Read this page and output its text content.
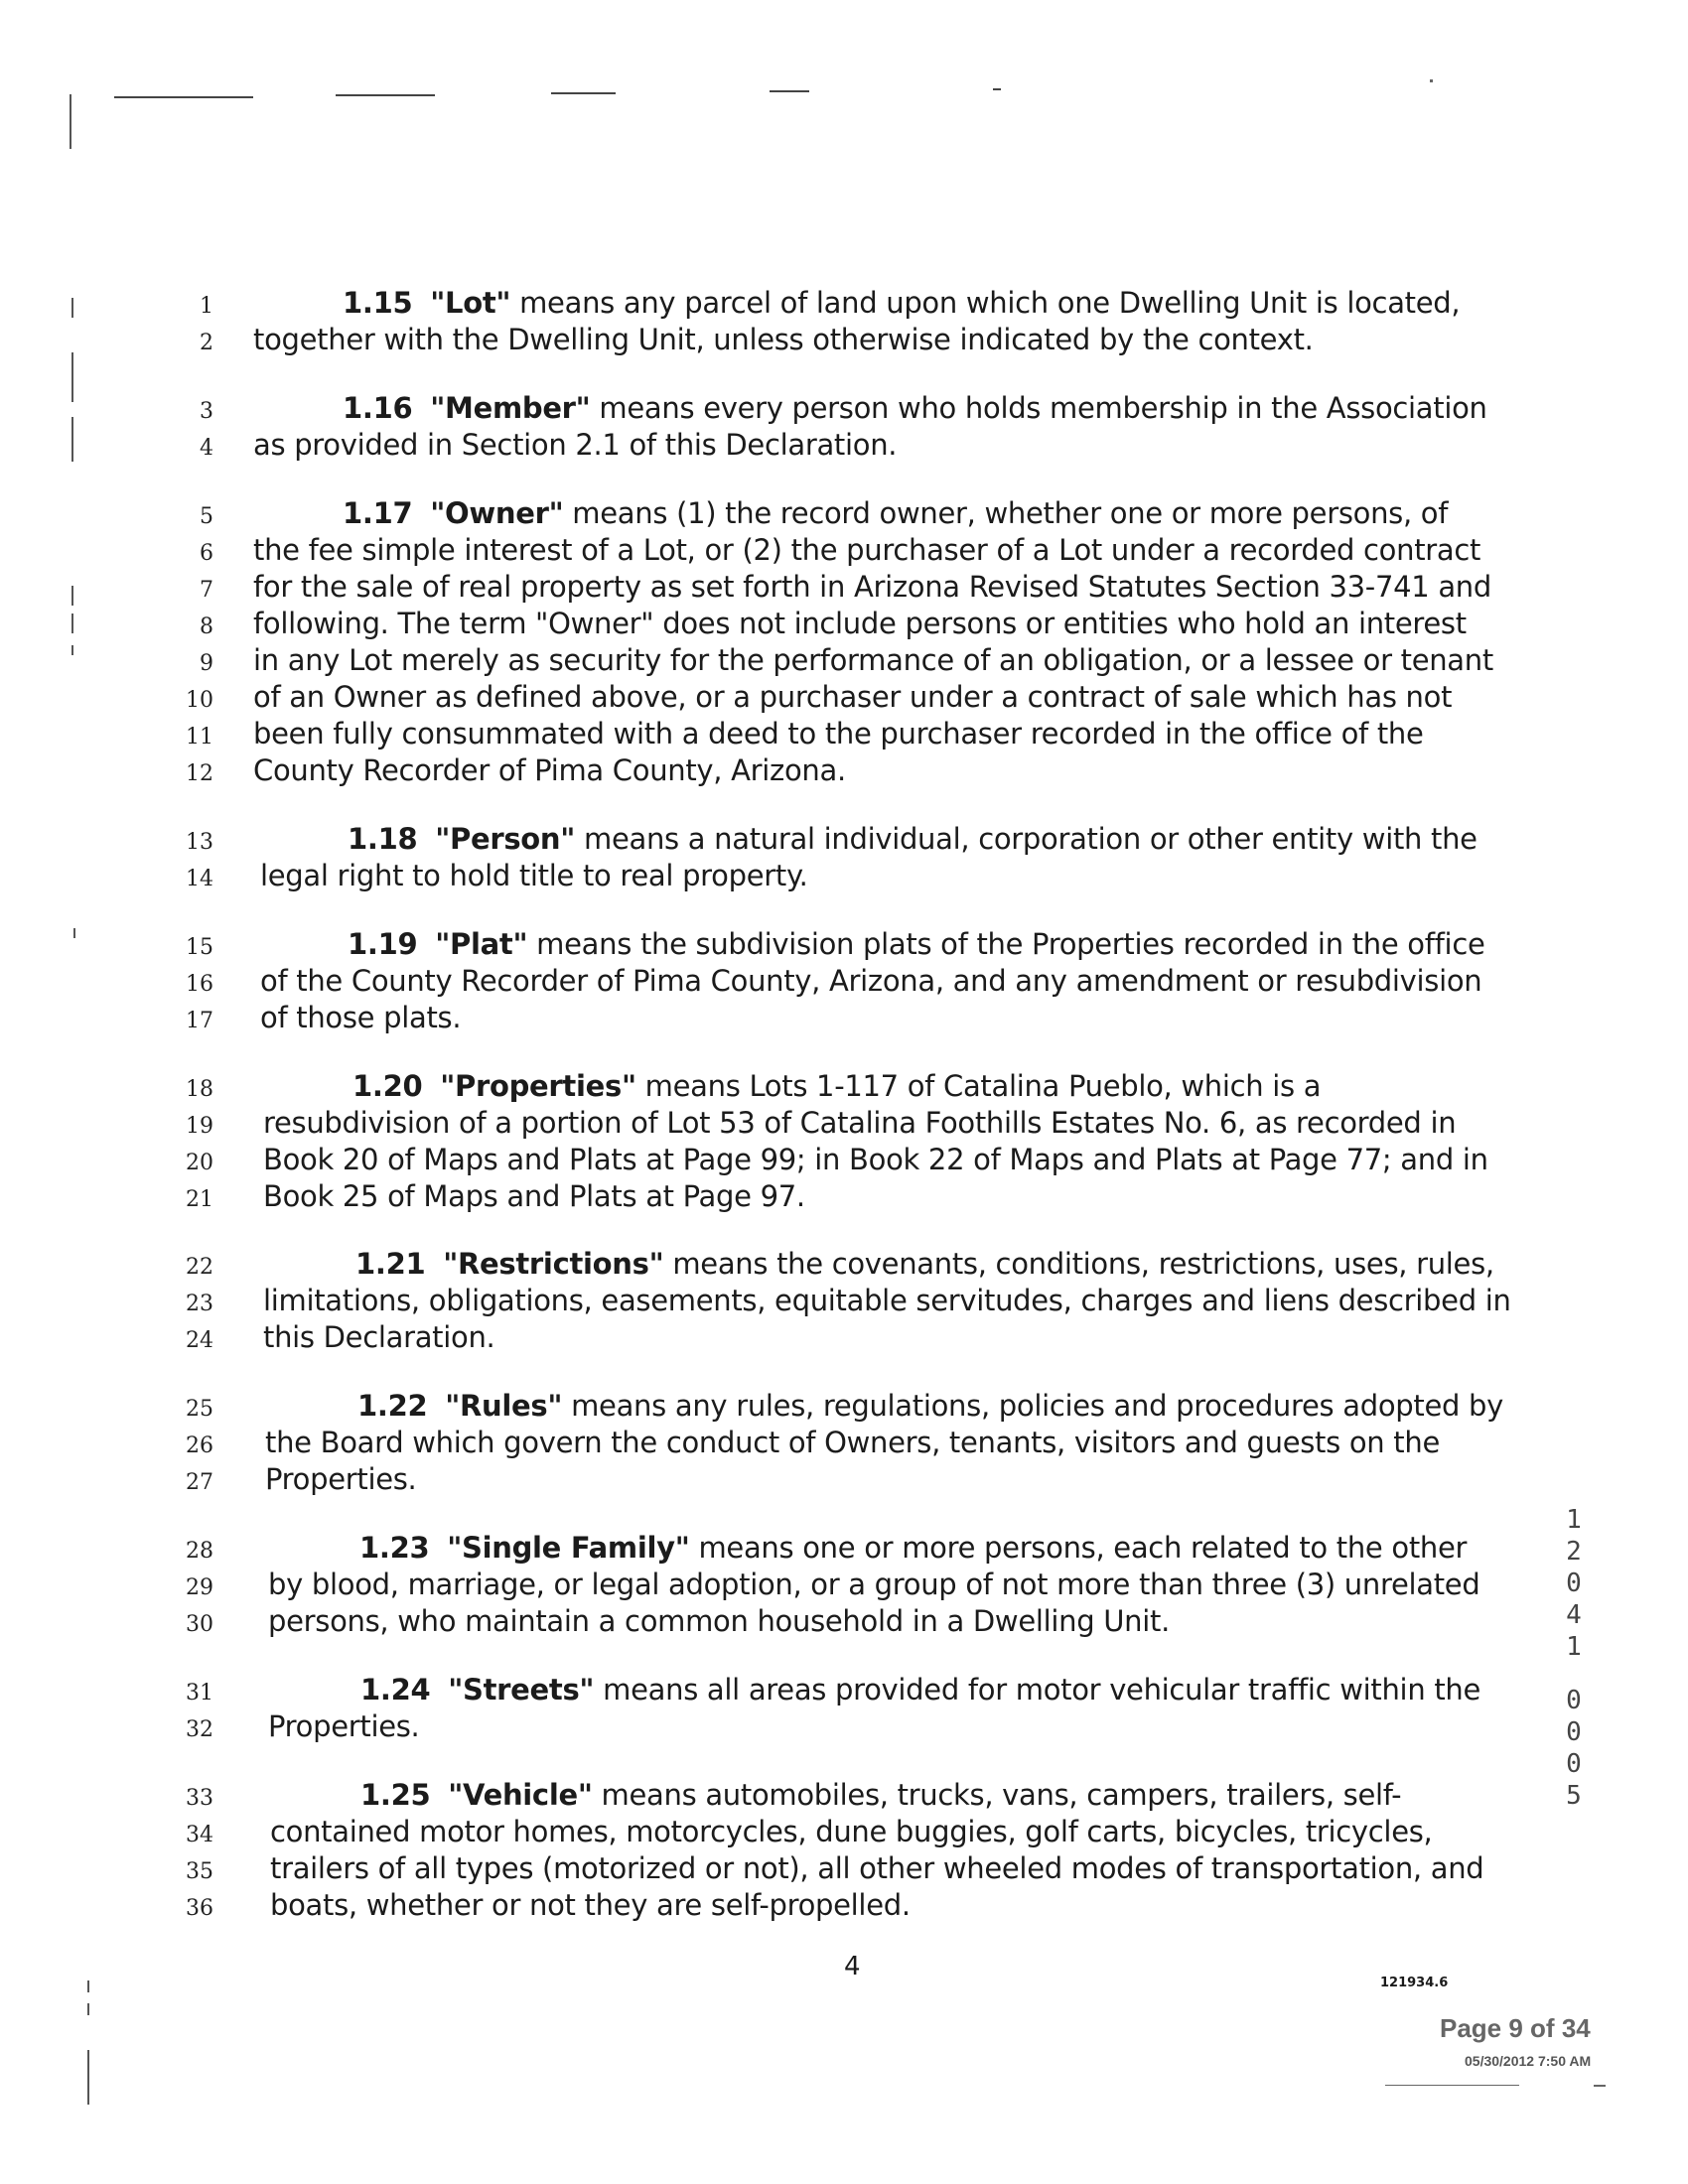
1
2
3
4
5
6
7
8
9
10
11
12
13
14
15
16
17
18
19
20
21
22
23
24
25
26
27
28
29
30
31
32
33
34
35
36
1.15 "Lot" means any parcel of land upon which one Dwelling Unit is located,
together with the Dwelling Unit, unless otherwise indicated by the context.
1.16 "Member" means every person who holds membership in the Association
as provided in Section 2.1 of this Declaration.
1.17 "Owner" means (1) the record owner, whether one or more persons, of
the fee simple interest of a Lot, or (2) the purchaser of a Lot under a recorded contract
for the sale of real property as set forth in Arizona Revised Statutes Section 33-741 and
following. The term "Owner" does not include persons or entities who hold an interest
in any Lot merely as security for the performance of an obligation, or a lessee or tenant
of an Owner as defined above, or a purchaser under a contract of sale which has not
been fully consummated with a deed to the purchaser recorded in the office of the
County Recorder of Pima County, Arizona.
1.18 "Person" means a natural individual, corporation or other entity with the
legal right to hold title to real property.
1.19 "Plat" means the subdivision plats of the Properties recorded in the office
of the County Recorder of Pima County, Arizona, and any amendment or resubdivision
of those plats.
1.20 "Properties" means Lots 1-117 of Catalina Pueblo, which is a
resubdivision of a portion of Lot 53 of Catalina Foothills Estates No. 6, as recorded in
Book 20 of Maps and Plats at Page 99; in Book 22 of Maps and Plats at Page 77; and in
Book 25 of Maps and Plats at Page 97.
1.21 "Restrictions" means the covenants, conditions, restrictions, uses, rules,
limitations, obligations, easements, equitable servitudes, charges and liens described in
this Declaration.
1.22 "Rules" means any rules, regulations, policies and procedures adopted by
the Board which govern the conduct of Owners, tenants, visitors and guests on the
Properties.
1.23 "Single Family" means one or more persons, each related to the other
by blood, marriage, or legal adoption, or a group of not more than three (3) unrelated
persons, who maintain a common household in a Dwelling Unit.
1.24 "Streets" means all areas provided for motor vehicular traffic within the
Properties.
1.25 "Vehicle" means automobiles, trucks, vans, campers, trailers, self-
contained motor homes, motorcycles, dune buggies, golf carts, bicycles, tricycles,
trailers of all types (motorized or not), all other wheeled modes of transportation, and
boats, whether or not they are self-propelled.
1
2
0
4
1
0
0
0
5
4
121934.6
Page 9 of 34
05/30/2012 7:50 AM
